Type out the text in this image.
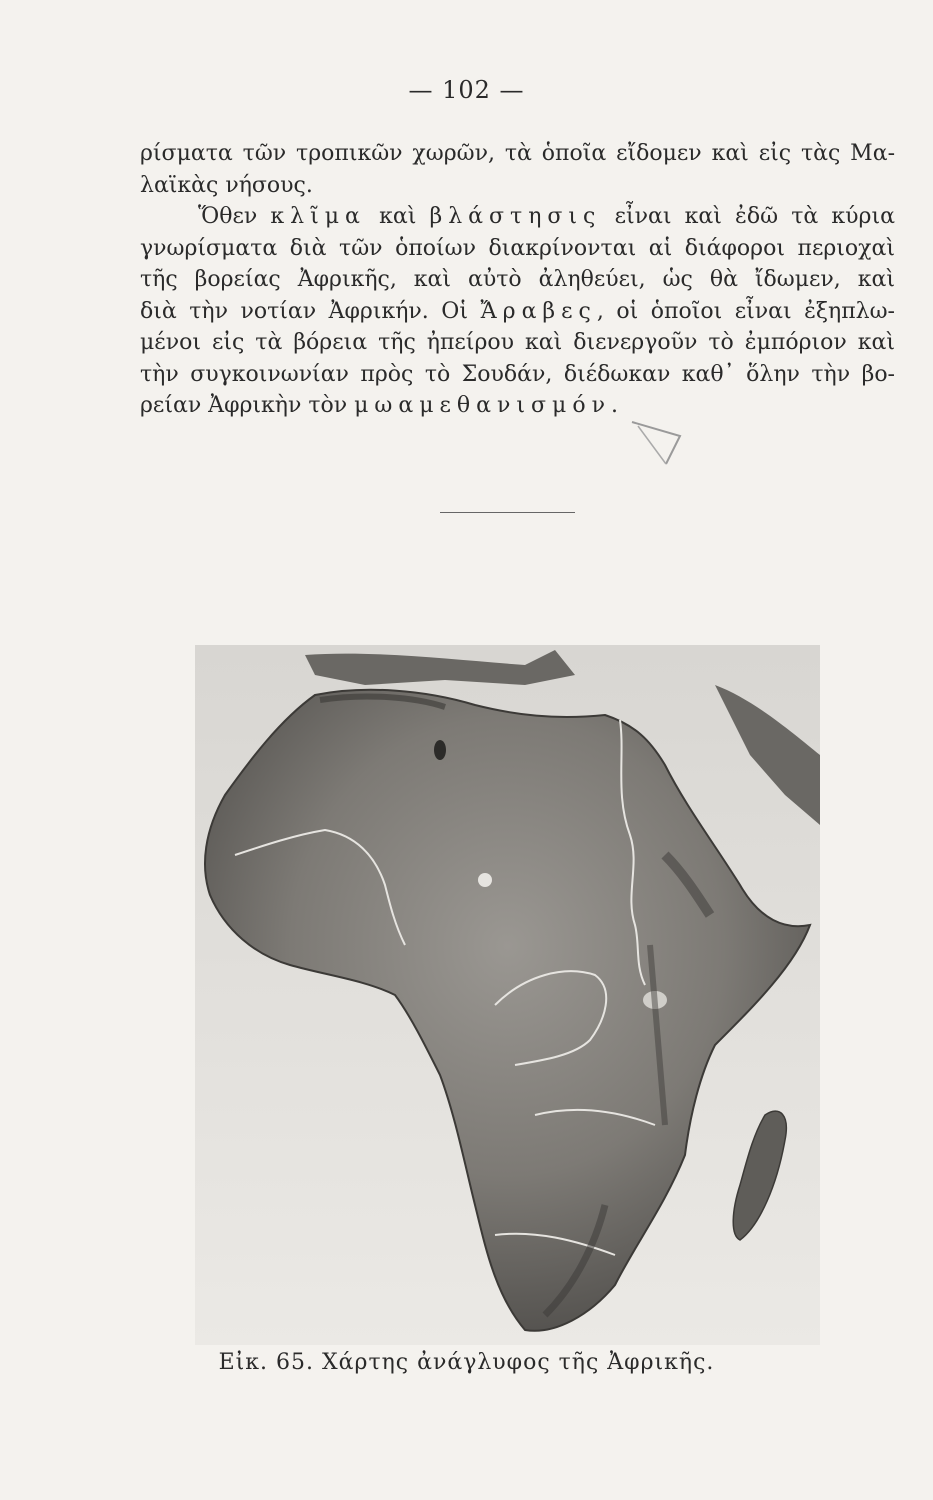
— 102 —
ρίσματα τῶν τροπικῶν χωρῶν, τὰ ὁποῖα εἴδομεν καὶ εἰς τὰς Μα-
λαϊκὰς νήσους.
Ὅθεν κλῖμα καὶ βλάστησις εἶναι καὶ ἐδῶ τὰ κύρια
γνωρίσματα διὰ τῶν ὁποίων διακρίνονται αἱ διάφοροι περιοχαὶ
τῆς βορείας Ἀφρικῆς, καὶ αὐτὸ ἀληθεύει, ὡς θὰ ἴδωμεν, καὶ
διὰ τὴν νοτίαν Ἀφρικήν. Οἱ Ἄραβες, οἱ ὁποῖοι εἶναι ἐξηπλω-
μένοι εἰς τὰ βόρεια τῆς ἠπείρου καὶ διενεργοῦν τὸ ἐμπόριον καὶ
τὴν συγκοινωνίαν πρὸς τὸ Σουδάν, διέδωκαν καθ᾽ ὅλην τὴν βο-
ρείαν Ἀφρικὴν τὸν μωαμεθανισμόν.
Εἰκ. 65. Χάρτης ἀνάγλυφος τῆς Ἀφρικῆς.
